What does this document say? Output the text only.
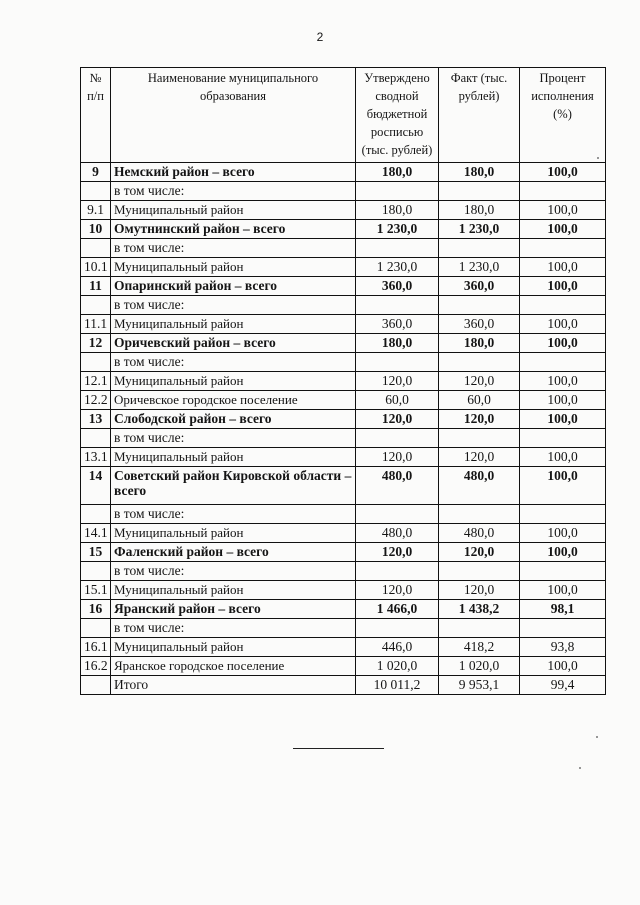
2
№ п/п	Наименование муниципального образования	Утверждено сводной бюджетной росписью (тыс. рублей)	Факт (тыс. рублей)	Процент исполнения (%)
9	Немский район – всего	180,0	180,0	100,0
	в том числе:			
9.1	Муниципальный район	180,0	180,0	100,0
10	Омутнинский район – всего	1 230,0	1 230,0	100,0
	в том числе:			
10.1	Муниципальный район	1 230,0	1 230,0	100,0
11	Опаринский район – всего	360,0	360,0	100,0
	в том числе:			
11.1	Муниципальный район	360,0	360,0	100,0
12	Оричевский район – всего	180,0	180,0	100,0
	в том числе:			
12.1	Муниципальный район	120,0	120,0	100,0
12.2	Оричевское городское поселение	60,0	60,0	100,0
13	Слободской район – всего	120,0	120,0	100,0
	в том числе:			
13.1	Муниципальный район	120,0	120,0	100,0
14	Советский район Кировской области – всего	480,0	480,0	100,0
	в том числе:			
14.1	Муниципальный район	480,0	480,0	100,0
15	Фаленский район – всего	120,0	120,0	100,0
	в том числе:			
15.1	Муниципальный район	120,0	120,0	100,0
16	Яранский район – всего	1 466,0	1 438,2	98,1
	в том числе:			
16.1	Муниципальный район	446,0	418,2	93,8
16.2	Яранское городское поселение	1 020,0	1 020,0	100,0
	Итого	10 011,2	9 953,1	99,4
